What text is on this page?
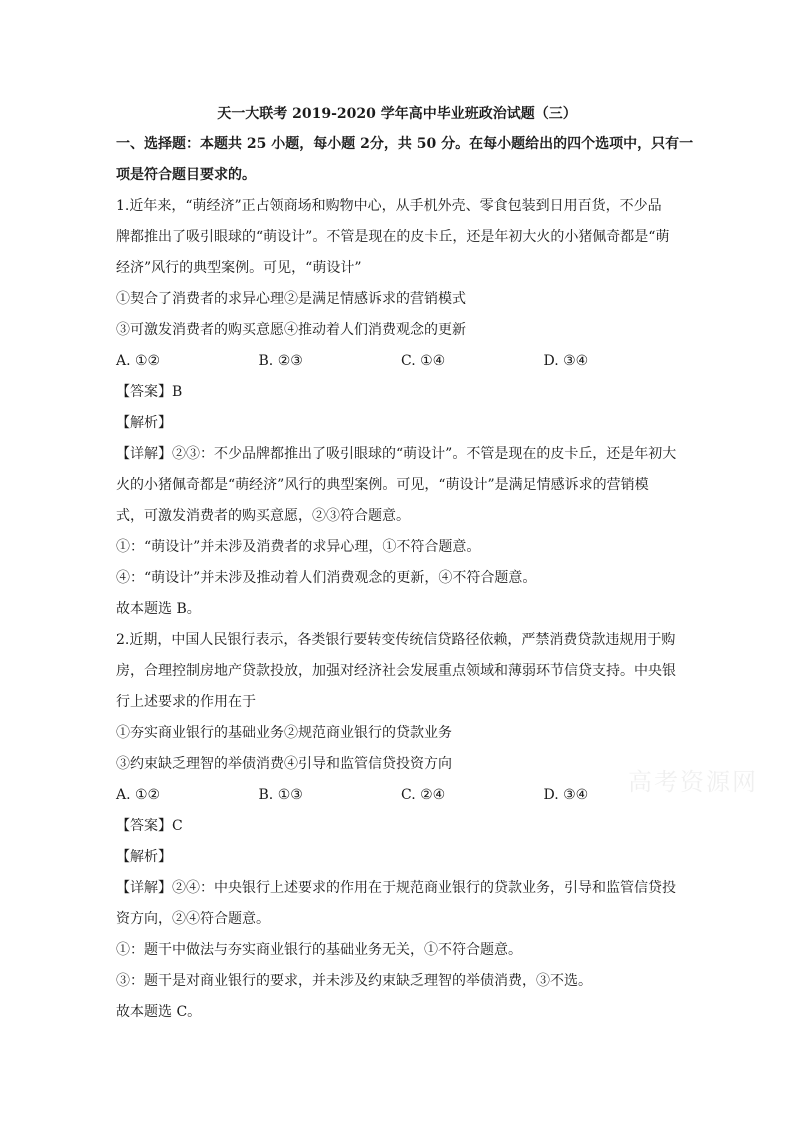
天一大联考 2019-2020 学年高中毕业班政治试题（三）
一、选择题：本题共 25 小题，每小题 2分，共 50 分。在每小题给出的四个选项中，只有一
项是符合题目要求的。
1.近年来，“萌经济”正占领商场和购物中心，从手机外壳、零食包装到日用百货，不少品
牌都推出了吸引眼球的“萌设计”。不管是现在的皮卡丘，还是年初大火的小猪佩奇都是“萌
经济”风行的典型案例。可见，“萌设计”
①契合了消费者的求异心理②是满足情感诉求的营销模式
③可激发消费者的购买意愿④推动着人们消费观念的更新
A. ①②	B. ②③	C. ①④	D. ③④
【答案】B
【解析】
【详解】②③：不少品牌都推出了吸引眼球的“萌设计”。不管是现在的皮卡丘，还是年初大
火的小猪佩奇都是“萌经济”风行的典型案例。可见，“萌设计”是满足情感诉求的营销模
式，可激发消费者的购买意愿，②③符合题意。
①：“萌设计”并未涉及消费者的求异心理，①不符合题意。
④：“萌设计”并未涉及推动着人们消费观念的更新，④不符合题意。
故本题选 B。
2.近期，中国人民银行表示，各类银行要转变传统信贷路径依赖，严禁消费贷款违规用于购
房，合理控制房地产贷款投放，加强对经济社会发展重点领域和薄弱环节信贷支持。中央银
行上述要求的作用在于
①夯实商业银行的基础业务②规范商业银行的贷款业务
③约束缺乏理智的举债消费④引导和监管信贷投资方向
A. ①②	B. ①③	C. ②④	D. ③④
【答案】C
【解析】
【详解】②④：中央银行上述要求的作用在于规范商业银行的贷款业务，引导和监管信贷投
资方向，②④符合题意。
①：题干中做法与夯实商业银行的基础业务无关，①不符合题意。
③：题干是对商业银行的要求，并未涉及约束缺乏理智的举债消费，③不选。
故本题选 C。
高考资源网
